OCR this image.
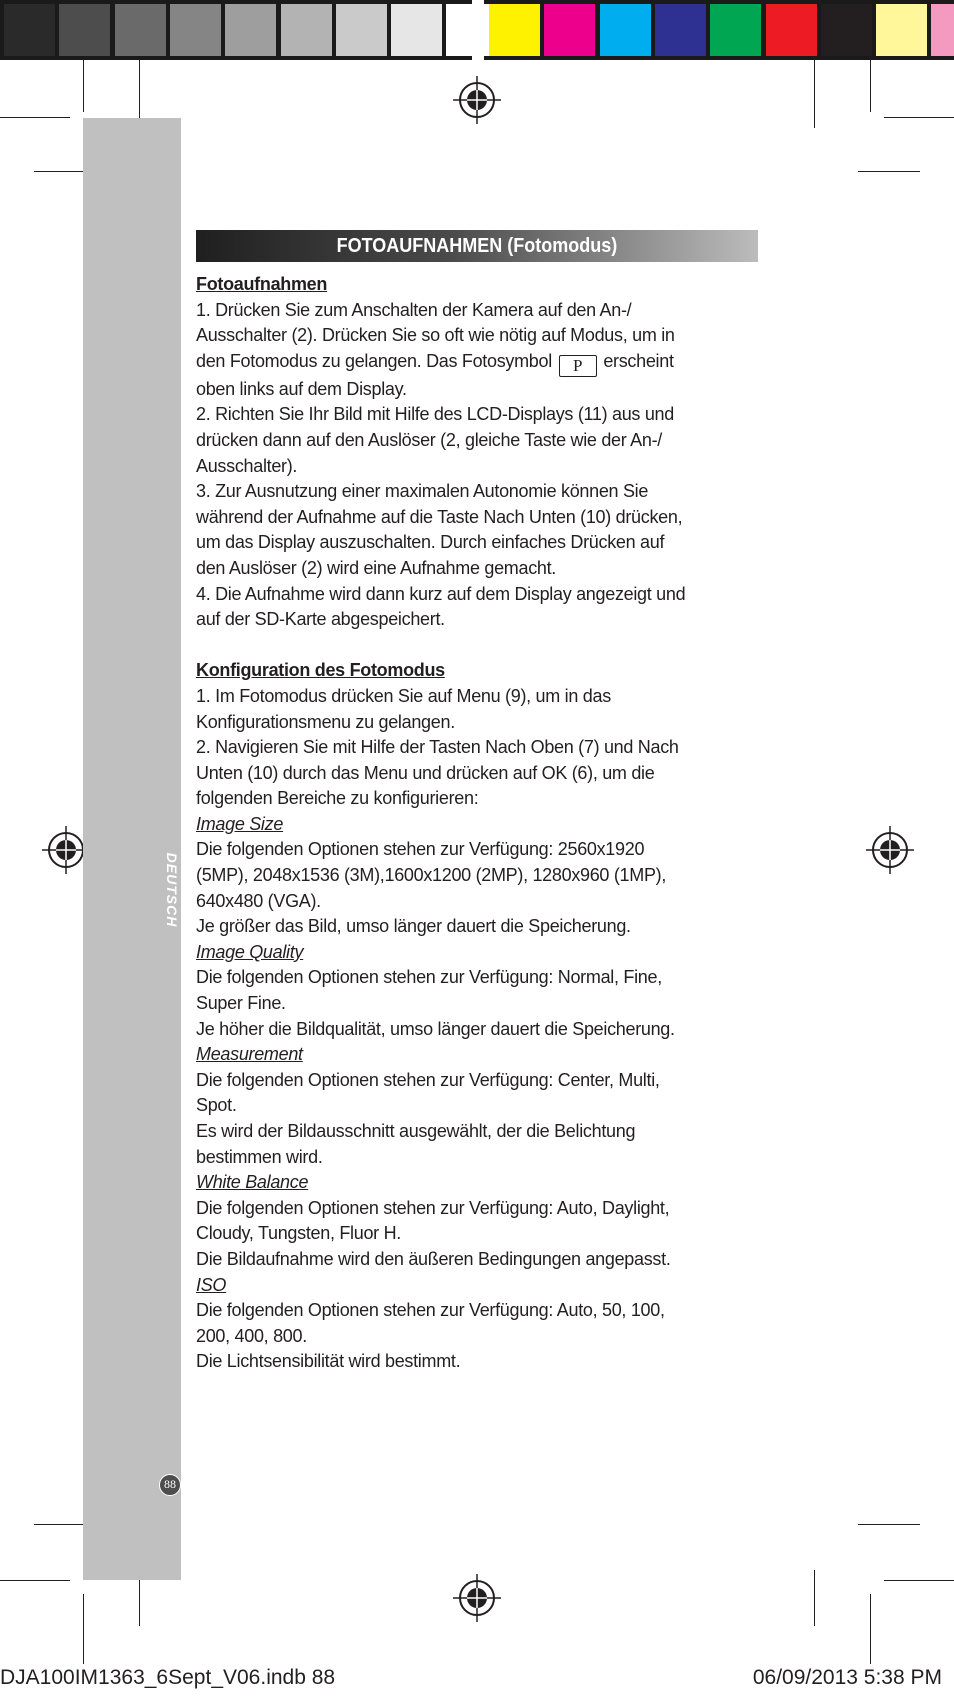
DEUTSCH
88
FOTOAUFNAHMEN (Fotomodus)

Fotoaufnahmen

1. Drücken Sie zum Anschalten der Kamera auf den An-/

Ausschalter (2). Drücken Sie so oft wie nötig auf Modus, um in

den Fotomodus zu gelangen. Das Fotosymbol P erscheint

oben links auf dem Display.

2. Richten Sie Ihr Bild mit Hilfe des LCD-Displays (11) aus und

drücken dann auf den Auslöser (2, gleiche Taste wie der An-/

Ausschalter).

3. Zur Ausnutzung einer maximalen Autonomie können Sie

während der Aufnahme auf die Taste Nach Unten (10) drücken,

um das Display auszuschalten. Durch einfaches Drücken auf

den Auslöser (2) wird eine Aufnahme gemacht.

4. Die Aufnahme wird dann kurz auf dem Display angezeigt und

auf der SD-Karte abgespeichert.

Konfiguration des Fotomodus

1. Im Fotomodus drücken Sie auf Menu (9), um in das

Konfigurationsmenu zu gelangen.

2. Navigieren Sie mit Hilfe der Tasten Nach Oben (7) und Nach

Unten (10) durch das Menu und drücken auf OK (6), um die

folgenden Bereiche zu konfigurieren:

Image Size

Die folgenden Optionen stehen zur Verfügung: 2560x1920

(5MP), 2048x1536 (3M),1600x1200 (2MP), 1280x960 (1MP),

640x480 (VGA).

Je größer das Bild, umso länger dauert die Speicherung.

Image Quality

Die folgenden Optionen stehen zur Verfügung: Normal, Fine,

Super Fine.

Je höher die Bildqualität, umso länger dauert die Speicherung.

Measurement

Die folgenden Optionen stehen zur Verfügung: Center, Multi,

Spot.

Es wird der Bildausschnitt ausgewählt, der die Belichtung

bestimmen wird.

White Balance

Die folgenden Optionen stehen zur Verfügung: Auto, Daylight,

Cloudy, Tungsten, Fluor H.

Die Bildaufnahme wird den äußeren Bedingungen angepasst.

ISO

Die folgenden Optionen stehen zur Verfügung: Auto, 50, 100,

200, 400, 800.

Die Lichtsensibilität wird bestimmt.

DJA100IM1363_6Sept_V06.indb 88	06/09/2013 5:38 PM
